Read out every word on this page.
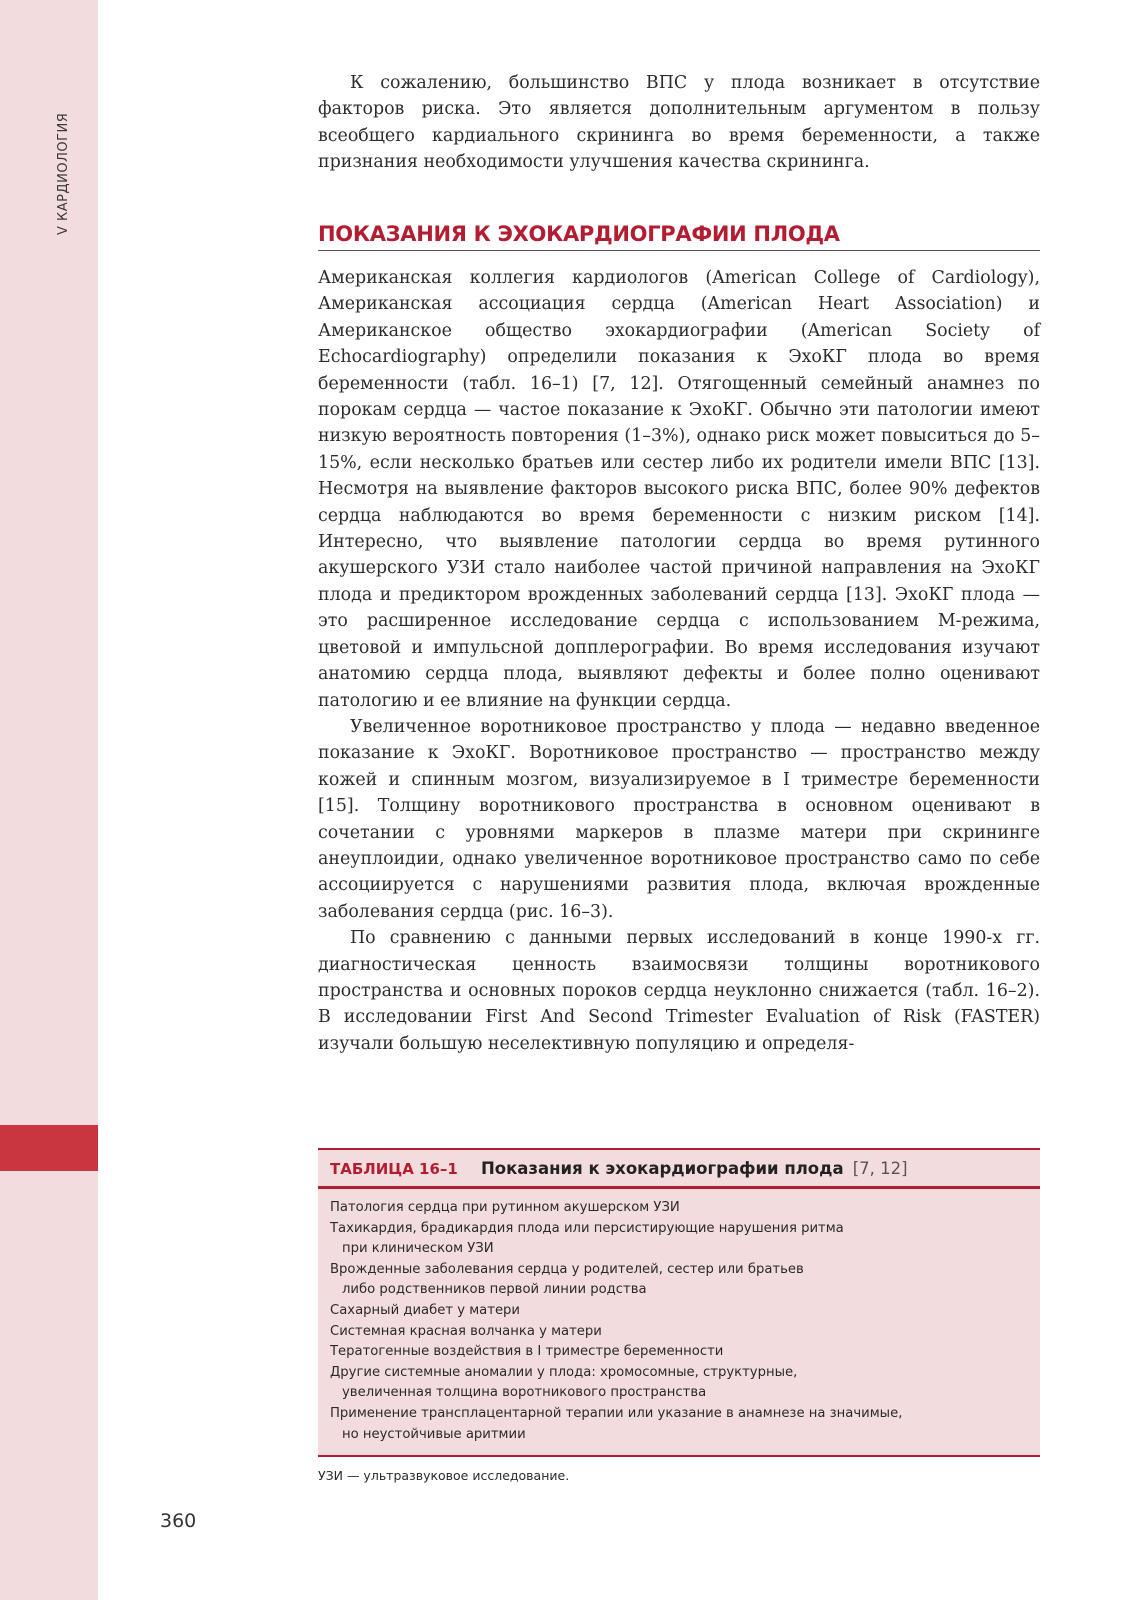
V КАРДИОЛОГИЯ

К сожалению, большинство ВПС у плода возникает в отсутствие факторов риска. Это является дополнительным аргументом в пользу всеобщего кардиального скрининга во время беременности, а также признания необходимости улучшения качества скрининга.

ПОКАЗАНИЯ К ЭХОКАРДИОГРАФИИ ПЛОДА

Американская коллегия кардиологов (American College of Cardiology), Американская ассоциация сердца (American Heart Association) и Американское общество эхокардиографии (American Society of Echocardiography) определили показания к ЭхоКГ плода во время беременности (табл. 16–1) [7, 12]. Отягощенный семейный анамнез по порокам сердца — частое показание к ЭхоКГ. Обычно эти патологии имеют низкую вероятность повторения (1–3%), однако риск может повыситься до 5–15%, если несколько братьев или сестер либо их родители имели ВПС [13]. Несмотря на выявление факторов высокого риска ВПС, более 90% дефектов сердца наблюдаются во время беременности с низким риском [14]. Интересно, что выявление патологии сердца во время рутинного акушерского УЗИ стало наиболее частой причиной направления на ЭхоКГ плода и предиктором врожденных заболеваний сердца [13]. ЭхоКГ плода — это расширенное исследование сердца с использованием М-режима, цветовой и импульсной допплерографии. Во время исследования изучают анатомию сердца плода, выявляют дефекты и более полно оценивают патологию и ее влияние на функции сердца.

Увеличенное воротниковое пространство у плода — недавно введенное показание к ЭхоКГ. Воротниковое пространство — пространство между кожей и спинным мозгом, визуализируемое в I триместре беременности [15]. Толщину воротникового пространства в основном оценивают в сочетании с уровнями маркеров в плазме матери при скрининге анеуплоидии, однако увеличенное воротниковое пространство само по себе ассоциируется с нарушениями развития плода, включая врожденные заболевания сердца (рис. 16–3).

По сравнению с данными первых исследований в конце 1990-х гг. диагностическая ценность взаимосвязи толщины воротникового пространства и основных пороков сердца неуклонно снижается (табл. 16–2). В исследовании First And Second Trimester Evaluation of Risk (FASTER) изучали большую неселективную популяцию и определя-

ТАБЛИЦА 16–1 Показания к эхокардиографии плода [7, 12]
Патология сердца при рутинном акушерском УЗИ
Тахикардия, брадикардия плода или персистирующие нарушения ритма
при клиническом УЗИ
Врожденные заболевания сердца у родителей, сестер или братьев
либо родственников первой линии родства
Сахарный диабет у матери
Системная красная волчанка у матери
Тератогенные воздействия в I триместре беременности
Другие системные аномалии у плода: хромосомные, структурные,
увеличенная толщина воротникового пространства
Применение трансплацентарной терапии или указание в анамнезе на значимые,
но неустойчивые аритмии
УЗИ — ультразвуковое исследование.
360
